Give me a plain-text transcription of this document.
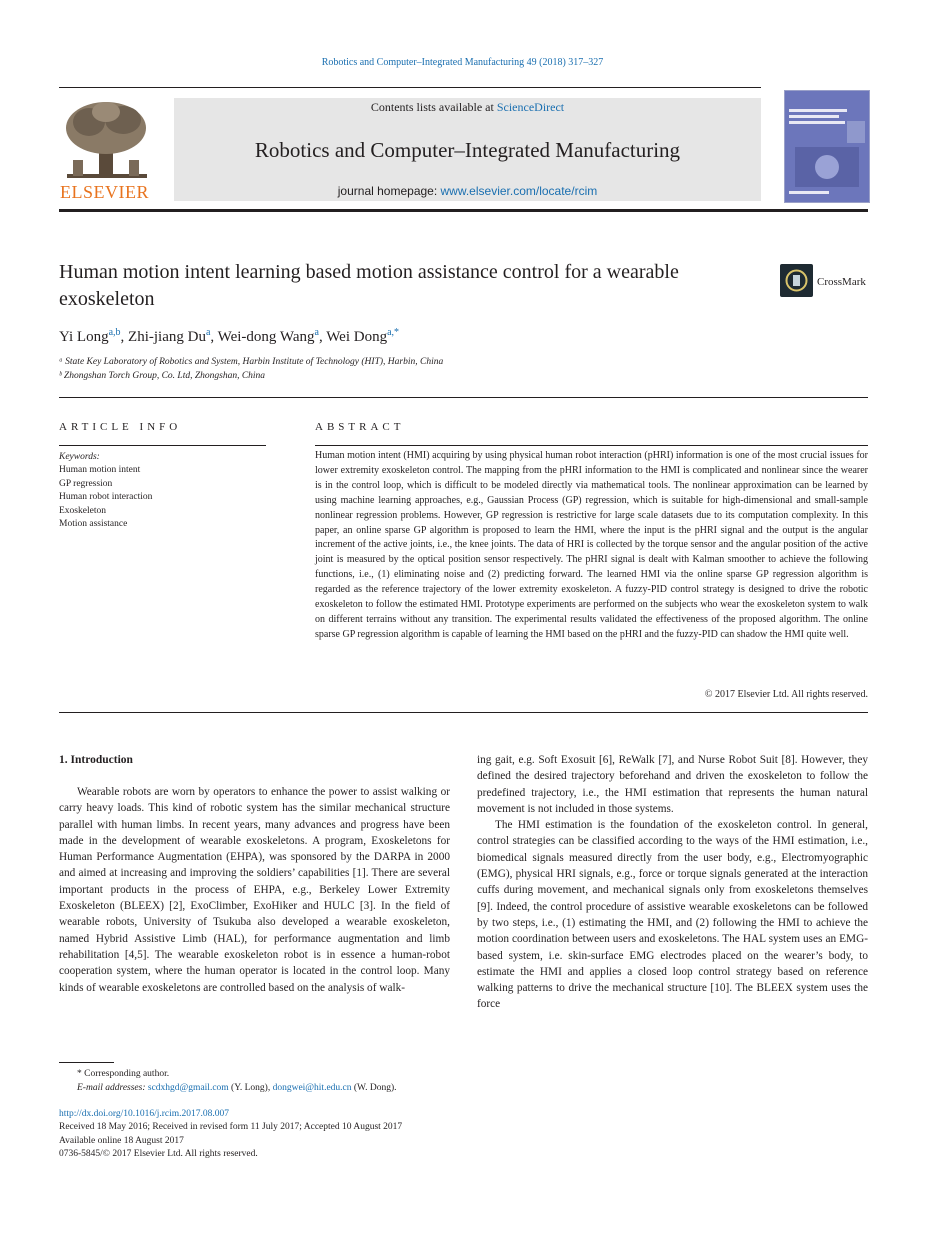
Robotics and Computer–Integrated Manufacturing 49 (2018) 317–327
ELSEVIER
Contents lists available at ScienceDirect
Robotics and Computer–Integrated Manufacturing
journal homepage: www.elsevier.com/locate/rcim
Human motion intent learning based motion assistance control for a wearable exoskeleton
CrossMark
Yi Long$^{a,b}$, Zhi-jiang Du$^a$, Wei-dong Wang$^a$, Wei Dong$^{a,*}$
ᵃ State Key Laboratory of Robotics and System, Harbin Institute of Technology (HIT), Harbin, China
ᵇ Zhongshan Torch Group, Co. Ltd, Zhongshan, China
ARTICLE INFO	ABSTRACT
Keywords:
Human motion intent
GP regression
Human robot interaction
Exoskeleton
Motion assistance
Human motion intent (HMI) acquiring by using physical human robot interaction (pHRI) information is one of the most crucial issues for lower extremity exoskeleton control. The mapping from the pHRI information to the HMI is complicated and nonlinear since the wearer is in the control loop, which is difficult to be modeled directly via mathematical tools. The nonlinear approximation can be learned by using machine learning approaches, e.g., Gaussian Process (GP) regression, which is suitable for high-dimensional and small-sample nonlinear regression problems. However, GP regression is restrictive for large scale datasets due to its computation complexity. In this paper, an online sparse GP algorithm is proposed to learn the HMI, where the input is the pHRI signal and the output is the angular increment of the active joints, i.e., the knee joints. The data of HRI is collected by the torque sensor and the angular position of the active joint is measured by the optical position sensor respectively. The pHRI signal is dealt with Kalman smoother to achieve the following functions, i.e., (1) eliminating noise and (2) predicting forward. The learned HMI via the online sparse GP regression algorithm is regarded as the reference trajectory of the lower extremity exoskeleton. A fuzzy-PID control strategy is designed to drive the robotic exoskeleton to follow the estimated HMI. Prototype experiments are performed on the subjects who wear the exoskeleton system to walk on different terrains without any transition. The experimental results validated the effectiveness of the proposed algorithm. The online sparse GP regression algorithm is capable of learning the HMI based on the pHRI and the fuzzy-PID can shadow the HMI quite well.
© 2017 Elsevier Ltd. All rights reserved.
1. Introduction

Wearable robots are worn by operators to enhance the power to assist walking or carry heavy loads. This kind of robotic system has the similar mechanical structure parallel with human limbs. In recent years, many advances and progress have been made in the development of wearable exoskeletons. A program, Exoskeletons for Human Performance Augmentation (EHPA), was sponsored by the DARPA in 2000 and aimed at increasing and improving the soldiers’ capabilities [1]. There are several important products in the process of EHPA, e.g., Berkeley Lower Extremity Exoskeleton (BLEEX) [2], ExoClimber, ExoHiker and HULC [3]. In the field of wearable robots, University of Tsukuba also developed a wearable exoskeleton, named Hybrid Assistive Limb (HAL), for performance augmentation and limb rehabilitation [4,5]. The wearable exoskeleton robot is in essence a human-robot cooperation system, where the human operator is located in the control loop. Many kinds of wearable exoskeletons are controlled based on the analysis of walk-

ing gait, e.g. Soft Exosuit [6], ReWalk [7], and Nurse Robot Suit [8]. However, they defined the desired trajectory beforehand and driven the exoskeleton to follow the predefined trajectory, i.e., the HMI estimation that represents the human natural movement is not included in those systems.

The HMI estimation is the foundation of the exoskeleton control. In general, control strategies can be classified according to the ways of the HMI estimation, i.e., biomedical signals measured directly from the user body, e.g., Electromyographic (EMG), physical HRI signals, e.g., force or torque signals generated at the interaction cuffs during movement, and mechanical signals only from exoskeletons themselves [9]. Indeed, the control procedure of assistive wearable exoskeletons can be followed by two steps, i.e., (1) estimating the HMI, and (2) following the HMI to achieve the motion coordination between users and exoskeletons. The HAL system uses an EMG-based system, i.e. skin-surface EMG electrodes placed on the wearer’s body, to estimate the HMI and applies a closed loop control strategy based on reference walking patterns to drive the mechanical structure [10]. The BLEEX system uses the force

* Corresponding author.
E-mail addresses: scdxhgd@gmail.com (Y. Long), dongwei@hit.edu.cn (W. Dong).
http://dx.doi.org/10.1016/j.rcim.2017.08.007
Received 18 May 2016; Received in revised form 11 July 2017; Accepted 10 August 2017
Available online 18 August 2017
0736-5845/© 2017 Elsevier Ltd. All rights reserved.
